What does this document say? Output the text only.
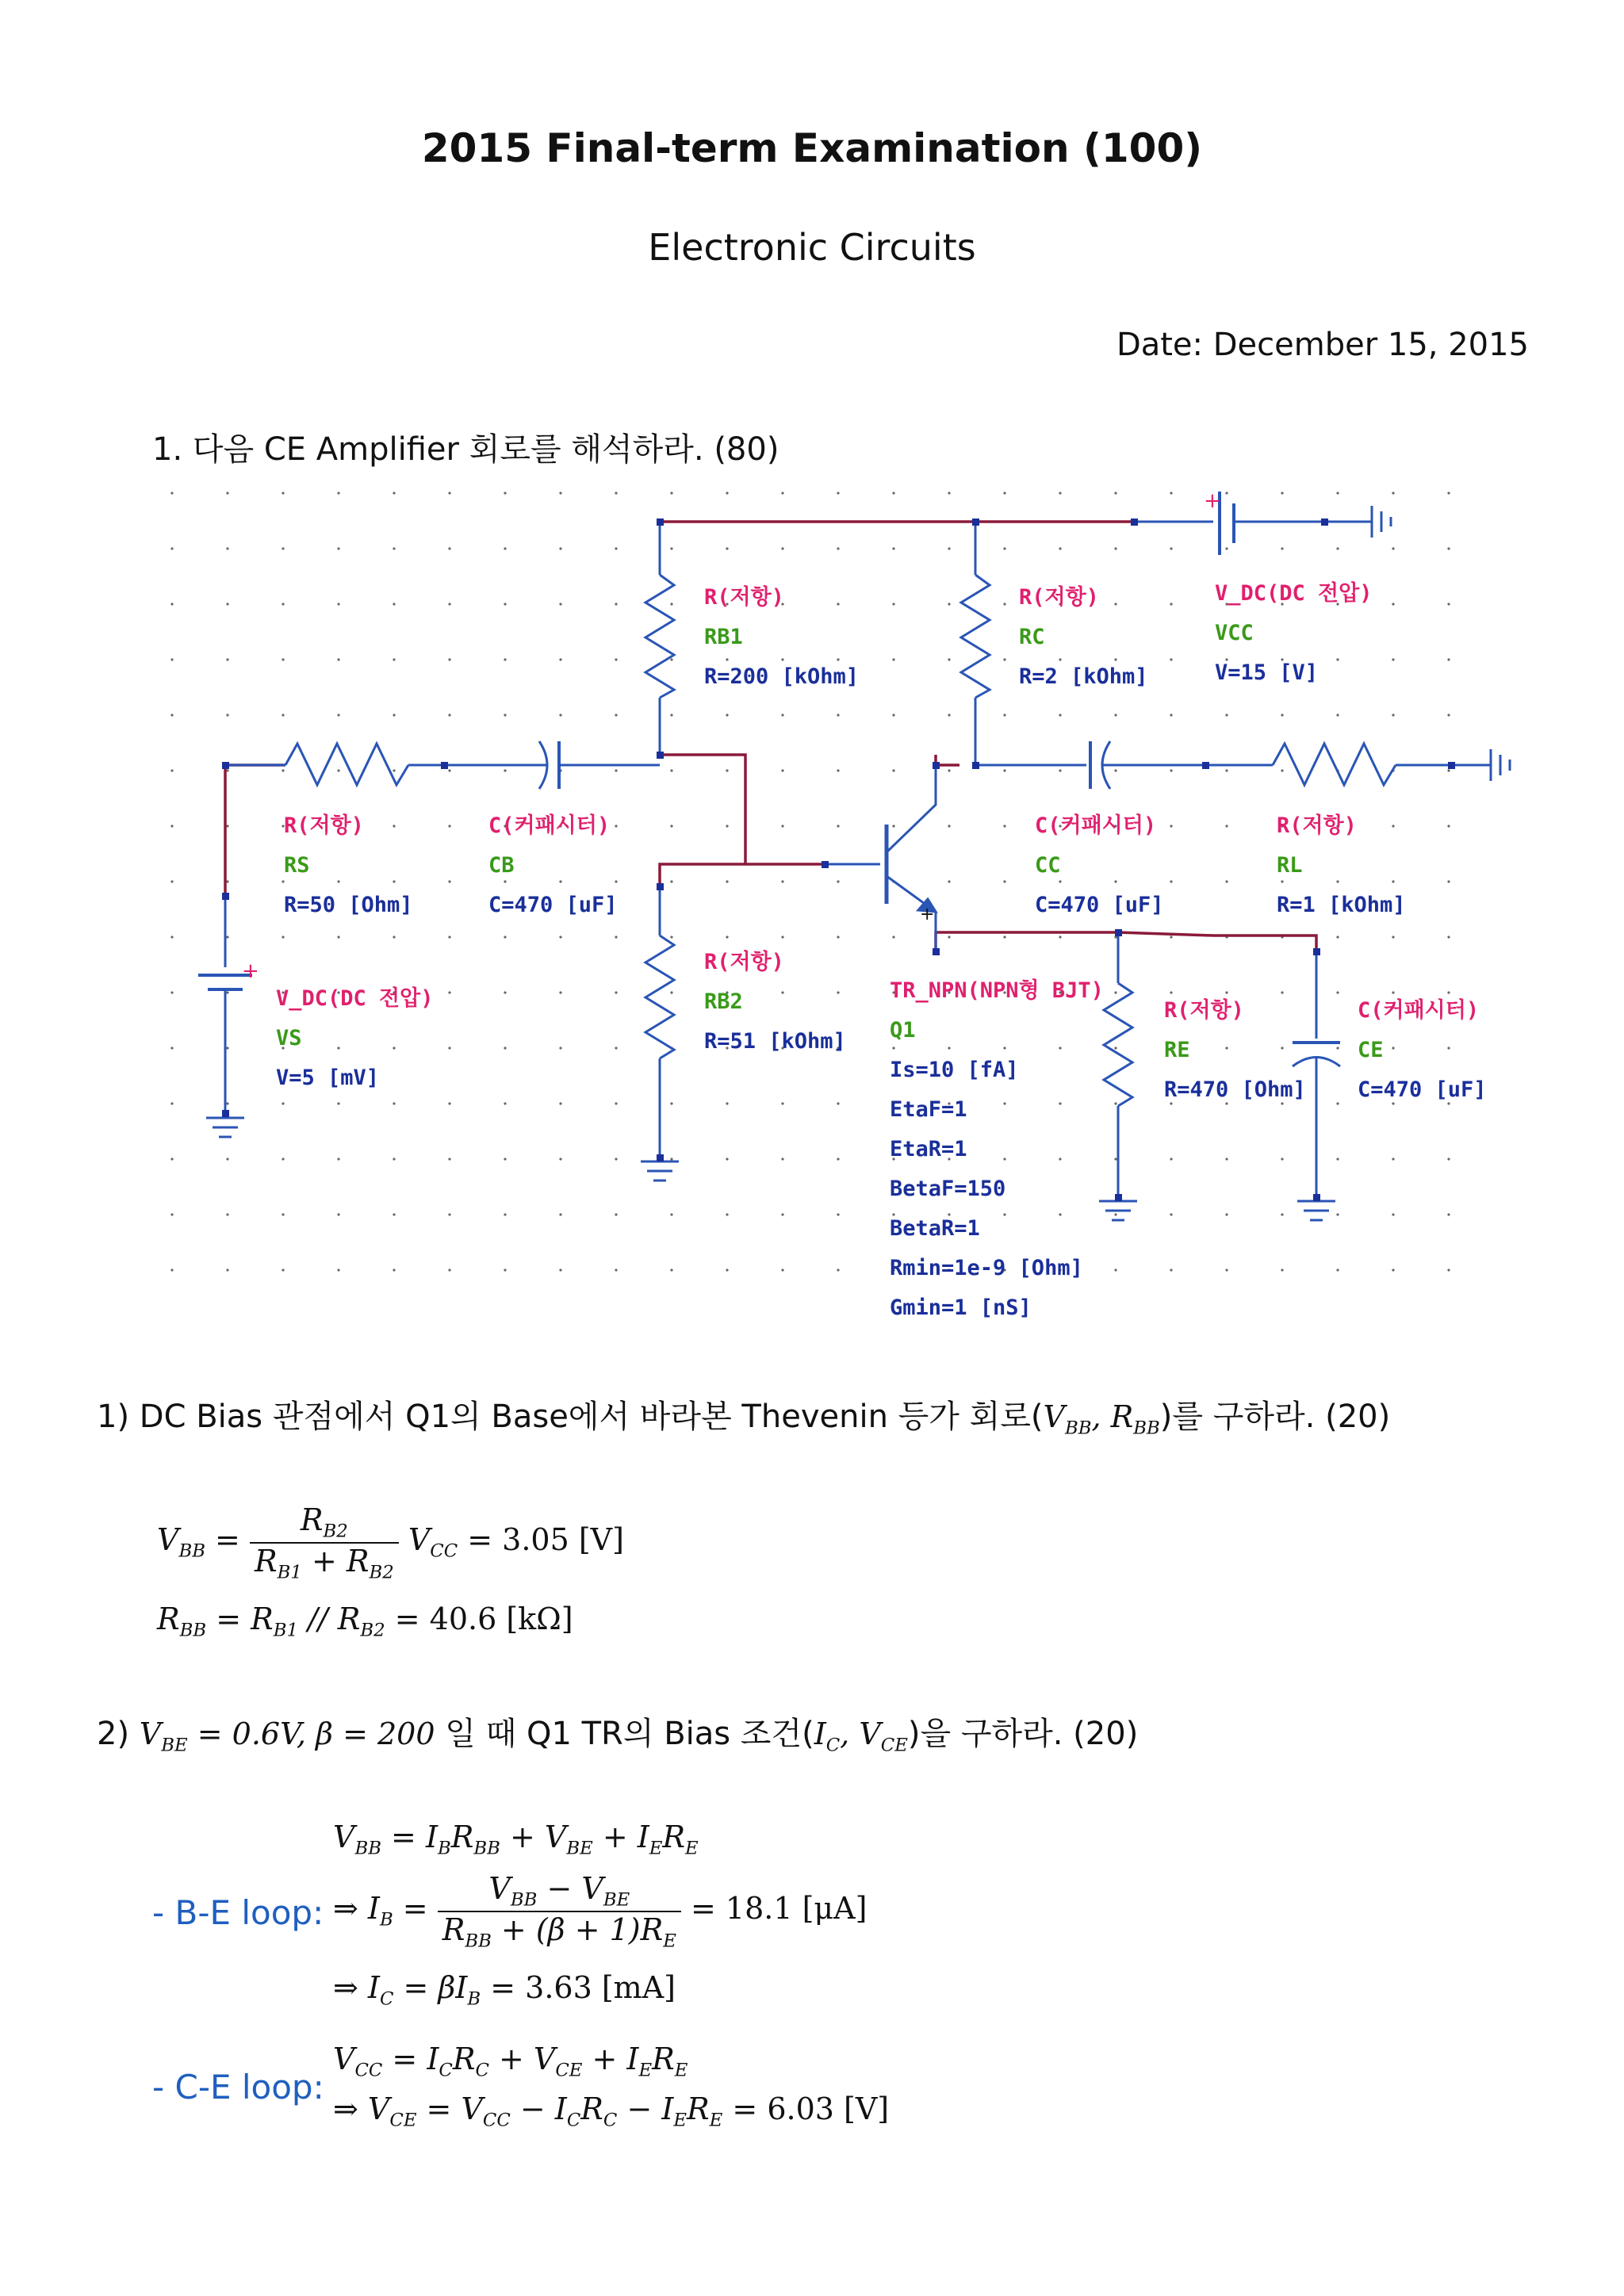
2015 Final-term Examination (100)
Electronic Circuits
Date: December 15, 2015
1. 다음 CE Amplifier 회로를 해석하라. (80)
+
+
+
R(저항)
RB1
R=200 [kOhm]
R(저항)
RC
R=2 [kOhm]
V_DC(DC 전압)
VCC
V=15 [V]
R(저항)
RS
R=50 [Ohm]
C(커패시터)
CB
C=470 [uF]
C(커패시터)
CC
C=470 [uF]
R(저항)
RL
R=1 [kOhm]
R(저항)
RB2
R=51 [kOhm]
V_DC(DC 전압)
VS
V=5 [mV]
R(저항)
RE
R=470 [Ohm]
C(커패시터)
CE
C=470 [uF]
TR_NPN(NPN형 BJT)
Q1
Is=10 [fA]
EtaF=1
EtaR=1
BetaF=150
BetaR=1
Rmin=1e-9 [Ohm]
Gmin=1 [nS]
1) DC Bias 관점에서 Q1의 Base에서 바라본 Thevenin 등가 회로($V_{BB}$, $R_{BB}$)를 구하라. (20)
$V_{BB} = \frac{R_{B2}}{R_{B1} + R_{B2}} V_{CC} = 3.05$ [V]
$R_{BB} = R_{B1} // R_{B2} = 40.6$ [kΩ]
2) $V_{BE} = 0.6V$, β = 200 일 때 Q1 TR의 Bias 조건($I_C$, $V_{CE}$)을 구하라. (20)
$V_{BB} = I_BR_{BB} + V_{BE} + I_ER_E$
- B-E loop: ⇒ $I_B = \frac{V_{BB} - V_{BE}}{R_{BB} + (\beta + 1)R_E} = 18.1$ [μA]
⇒ $I_C = \beta I_B = 3.63$ [mA]
$V_{CC} = I_CR_C + V_{CE} + I_ER_E$
- C-E loop:
⇒ $V_{CE} = V_{CC} - I_CR_C - I_ER_E = 6.03$ [V]
